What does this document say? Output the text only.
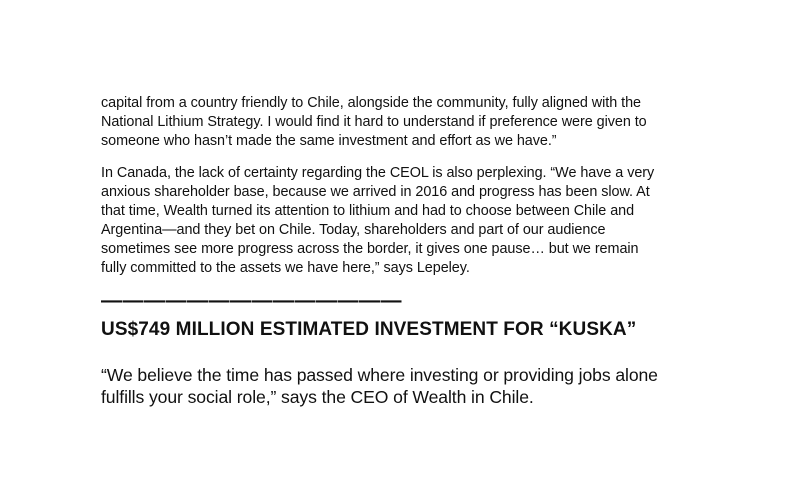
capital from a country friendly to Chile, alongside the community, fully aligned with the
National Lithium Strategy. I would find it hard to understand if preference were given to
someone who hasn’t made the same investment and effort as we have.”

In Canada, the lack of certainty regarding the CEOL is also perplexing. “We have a very
anxious shareholder base, because we arrived in 2016 and progress has been slow. At
that time, Wealth turned its attention to lithium and had to choose between Chile and
Argentina—and they bet on Chile. Today, shareholders and part of our audience
sometimes see more progress across the border, it gives one pause… but we remain
fully committed to the assets we have here,” says Lepeley.

——————————————

US$749 MILLION ESTIMATED INVESTMENT FOR “KUSKA”

“We believe the time has passed where investing or providing jobs alone
fulfills your social role,” says the CEO of Wealth in Chile.
